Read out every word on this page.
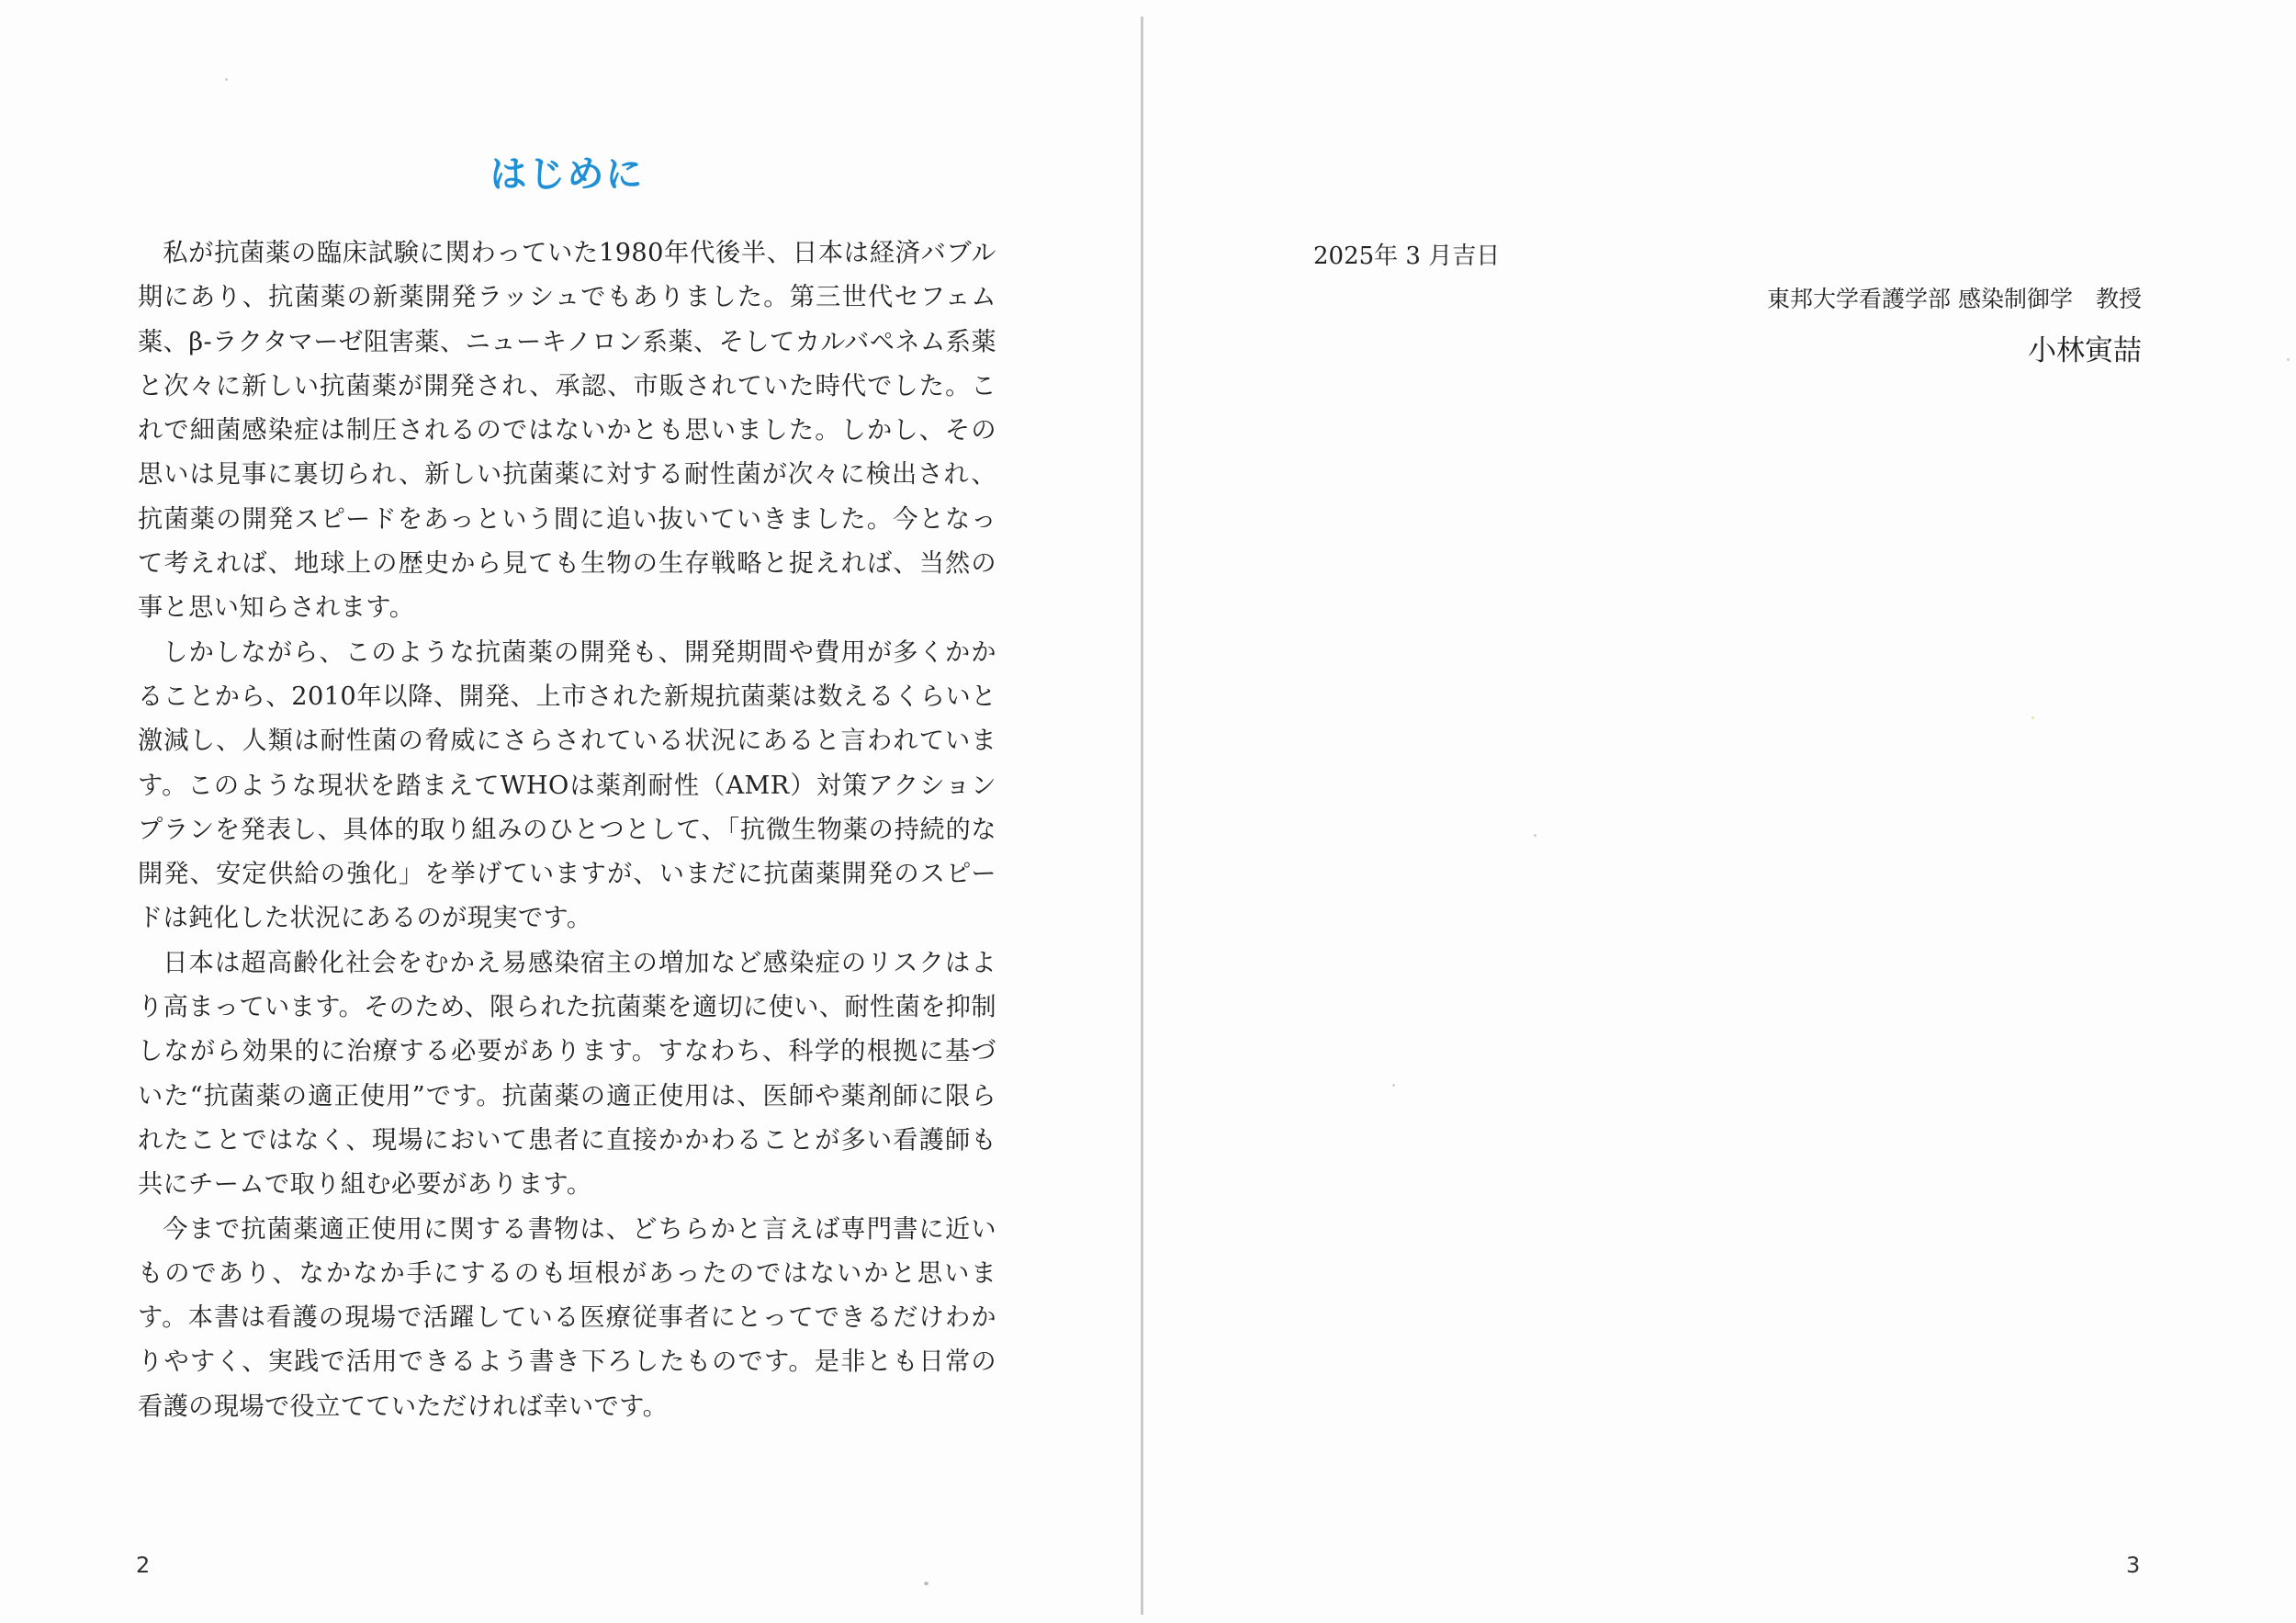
はじめに

私が抗菌薬の臨床試験に関わっていた1980年代後半、日本は経済バブル期にあり、抗菌薬の新薬開発ラッシュでもありました。第三世代セフェム薬、β-ラクタマーゼ阻害薬、ニューキノロン系薬、そしてカルバペネム系薬と次々に新しい抗菌薬が開発され、承認、市販されていた時代でした。これで細菌感染症は制圧されるのではないかとも思いました。しかし、その思いは見事に裏切られ、新しい抗菌薬に対する耐性菌が次々に検出され、抗菌薬の開発スピードをあっという間に追い抜いていきました。今となって考えれば、地球上の歴史から見ても生物の生存戦略と捉えれば、当然の事と思い知らされます。

しかしながら、このような抗菌薬の開発も、開発期間や費用が多くかかることから、2010年以降、開発、上市された新規抗菌薬は数えるくらいと激減し、人類は耐性菌の脅威にさらされている状況にあると言われています。このような現状を踏まえてWHOは薬剤耐性（AMR）対策アクションプランを発表し、具体的取り組みのひとつとして、「抗微生物薬の持続的な開発、安定供給の強化」を挙げていますが、いまだに抗菌薬開発のスピードは鈍化した状況にあるのが現実です。

日本は超高齢化社会をむかえ易感染宿主の増加など感染症のリスクはより高まっています。そのため、限られた抗菌薬を適切に使い、耐性菌を抑制しながら効果的に治療する必要があります。すなわち、科学的根拠に基づいた“抗菌薬の適正使用”です。抗菌薬の適正使用は、医師や薬剤師に限られたことではなく、現場において患者に直接かかわることが多い看護師も共にチームで取り組む必要があります。

今まで抗菌薬適正使用に関する書物は、どちらかと言えば専門書に近いものであり、なかなか手にするのも垣根があったのではないかと思います。本書は看護の現場で活躍している医療従事者にとってできるだけわかりやすく、実践で活用できるよう書き下ろしたものです。是非とも日常の看護の現場で役立てていただければ幸いです。

2
2025年 3 月吉日
東邦大学看護学部 感染制御学　教授
小林寅喆
3
